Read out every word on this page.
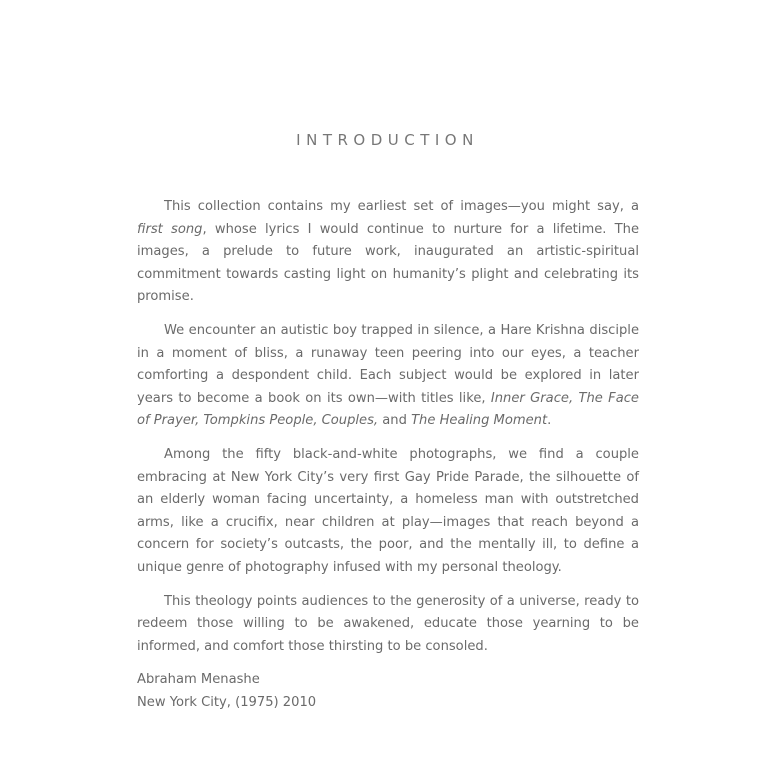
INTRODUCTION

This collection contains my earliest set of images—you might say, a first song, whose lyrics I would continue to nurture for a lifetime. The images, a prelude to future work, inaugurated an artistic-spiritual commitment towards casting light on humanity’s plight and celebrating its promise.

We encounter an autistic boy trapped in silence, a Hare Krishna disciple in a moment of bliss, a runaway teen peering into our eyes, a teacher comforting a despondent child. Each subject would be explored in later years to become a book on its own—with titles like, Inner Grace, The Face of Prayer, Tompkins People, Couples, and The Healing Moment.

Among the fifty black-and-white photographs, we find a couple embracing at New York City’s very first Gay Pride Parade, the silhouette of an elderly woman facing uncertainty, a homeless man with outstretched arms, like a crucifix, near children at play—images that reach beyond a concern for society’s outcasts, the poor, and the mentally ill, to define a unique genre of photography infused with my personal theology.

This theology points audiences to the generosity of a universe, ready to redeem those willing to be awakened, educate those yearning to be informed, and comfort those thirsting to be consoled.

Abraham Menashe

New York City, (1975) 2010
